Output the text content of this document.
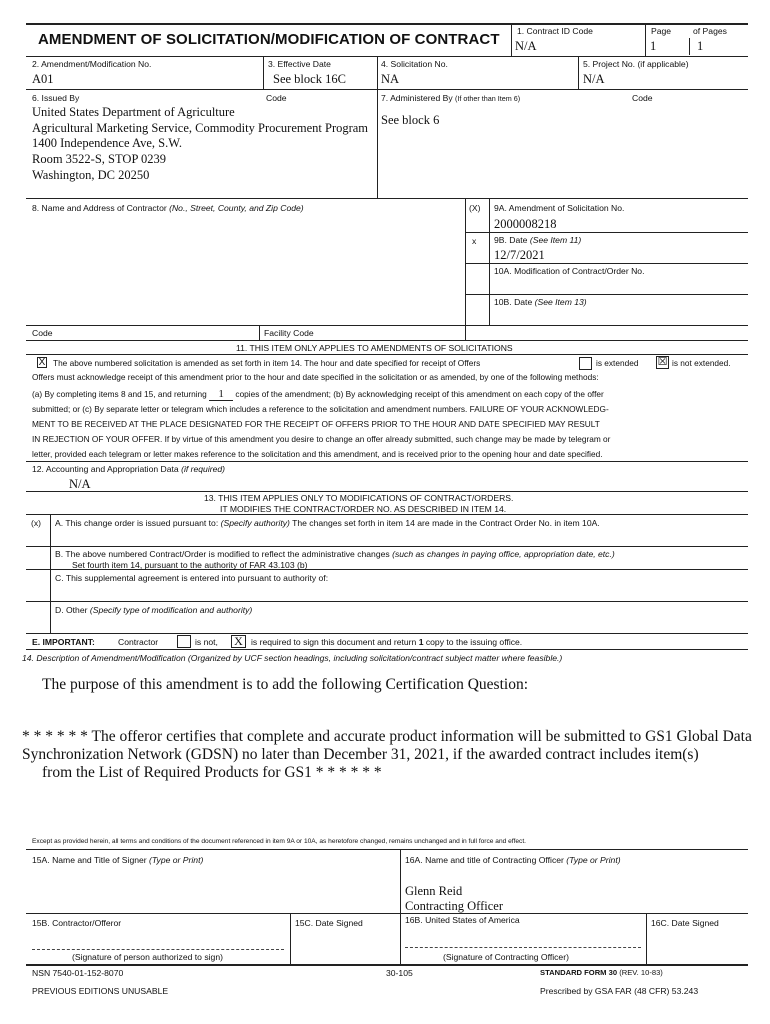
AMENDMENT OF SOLICITATION/MODIFICATION OF CONTRACT 1. Contract ID Code
N/A
Page
1
of Pages
1
2. Amendment/Modification No.
A01
3. Effective Date
See block 16C
4. Solicitation No.
NA
5. Project No. (if applicable)
N/A
6. Issued By	Code
United States Department of Agriculture
Agricultural Marketing Service, Commodity Procurement Program
1400 Independence Ave, S.W.
Room 3522-S, STOP 0239
Washington, DC 20250
7. Administered By (If other than Item 6)	Code
See block 6
8. Name and Address of Contractor (No., Street, County, and Zip Code)	(X) 9A. Amendment of Solicitation No.
2000008218
x 9B. Date (See Item 11)
12/7/2021
10A. Modification of Contract/Order No.
10B. Date (See Item 13)
Code	Facility Code
11. THIS ITEM ONLY APPLIES TO AMENDMENTS OF SOLICITATIONS
X The above numbered solicitation is amended as set forth in item 14. The hour and date specified for receipt of Offers	is extended ☒ is not extended.
Offers must acknowledge receipt of this amendment prior to the hour and date specified in the solicitation or as amended, by one of the following methods:
(a) By completing items 8 and 15, and returning 1 copies of the amendment; (b) By acknowledging receipt of this amendment on each copy of the offer
submitted; or (c) By separate letter or telegram which includes a reference to the solicitation and amendment numbers. FAILURE OF YOUR ACKNOWLEDG-
MENT TO BE RECEIVED AT THE PLACE DESIGNATED FOR THE RECEIPT OF OFFERS PRIOR TO THE HOUR AND DATE SPECIFIED MAY RESULT
IN REJECTION OF YOUR OFFER. If by virtue of this amendment you desire to change an offer already submitted, such change may be made by telegram or
letter, provided each telegram or letter makes reference to the solicitation and this amendment, and is received prior to the opening hour and date specified.
12. Accounting and Appropriation Data (if required)
N/A
13. THIS ITEM APPLIES ONLY TO MODIFICATIONS OF CONTRACT/ORDERS.
IT MODIFIES THE CONTRACT/ORDER NO. AS DESCRIBED IN ITEM 14.
(x) A. This change order is issued pursuant to: (Specify authority) The changes set forth in item 14 are made in the Contract Order No. in item 10A.
B. The above numbered Contract/Order is modified to reflect the administrative changes (such as changes in paying office, appropriation date, etc.)
Set fourth item 14, pursuant to the authority of FAR 43.103 (b)
C. This supplemental agreement is entered into pursuant to authority of:
D. Other (Specify type of modification and authority)
E. IMPORTANT:	Contractor	is not, X is required to sign this document and return 1 copy to the issuing office.
14. Description of Amendment/Modification (Organized by UCF section headings, including solicitation/contract subject matter where feasible.)
The purpose of this amendment is to add the following Certification Question:
* * * * * * The offeror certifies that complete and accurate product information will be submitted to GS1 Global Data
Synchronization Network (GDSN) no later than December 31, 2021, if the awarded contract includes item(s)
from the List of Required Products for GS1 * * * * * *
Except as provided herein, all terms and conditions of the document referenced in item 9A or 10A, as heretofore changed, remains unchanged and in full force and effect.
15A. Name and Title of Signer (Type or Print)	16A. Name and title of Contracting Officer (Type or Print)
Glenn Reid
Contracting Officer
15B. Contractor/Offeror	15C. Date Signed	16B. United States of America	16C. Date Signed
(Signature of person authorized to sign)	(Signature of Contracting Officer)
NSN 7540-01-152-8070
PREVIOUS EDITIONS UNUSABLE
30-105	STANDARD FORM 30 (REV. 10-83)
Prescribed by GSA FAR (48 CFR) 53.243
